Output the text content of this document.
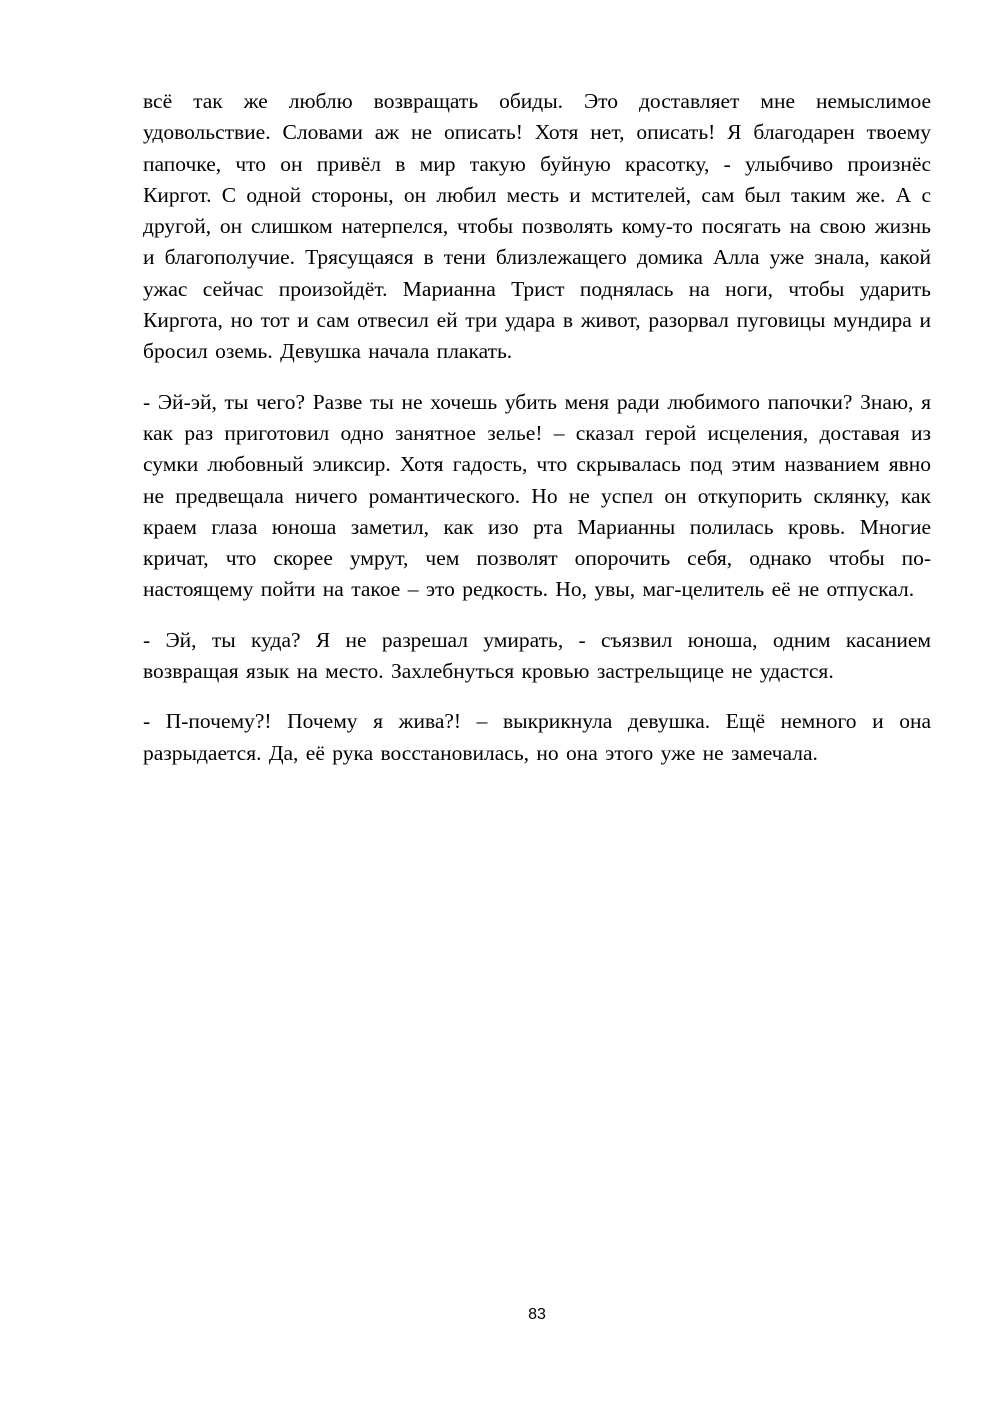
всё так же люблю возвращать обиды. Это доставляет мне немыслимое удовольствие. Словами аж не описать! Хотя нет, описать! Я благодарен твоему папочке, что он привёл в мир такую буйную красотку, - улыбчиво произнёс Киргот. С одной стороны, он любил месть и мстителей, сам был таким же. А с другой, он слишком натерпелся, чтобы позволять кому-то посягать на свою жизнь и благополучие. Трясущаяся в тени близлежащего домика Алла уже знала, какой ужас сейчас произойдёт. Марианна Трист поднялась на ноги, чтобы ударить Киргота, но тот и сам отвесил ей три удара в живот, разорвал пуговицы мундира и бросил оземь. Девушка начала плакать.

- Эй-эй, ты чего? Разве ты не хочешь убить меня ради любимого папочки? Знаю, я как раз приготовил одно занятное зелье! – сказал герой исцеления, доставая из сумки любовный эликсир. Хотя гадость, что скрывалась под этим названием явно не предвещала ничего романтического. Но не успел он откупорить склянку, как краем глаза юноша заметил, как изо рта Марианны полилась кровь. Многие кричат, что скорее умрут, чем позволят опорочить себя, однако чтобы по-настоящему пойти на такое – это редкость. Но, увы, маг-целитель её не отпускал.

- Эй, ты куда? Я не разрешал умирать, - съязвил юноша, одним касанием возвращая язык на место. Захлебнуться кровью застрельщице не удастся.

- П-почему?! Почему я жива?! – выкрикнула девушка. Ещё немного и она разрыдается. Да, её рука восстановилась, но она этого уже не замечала.

83
